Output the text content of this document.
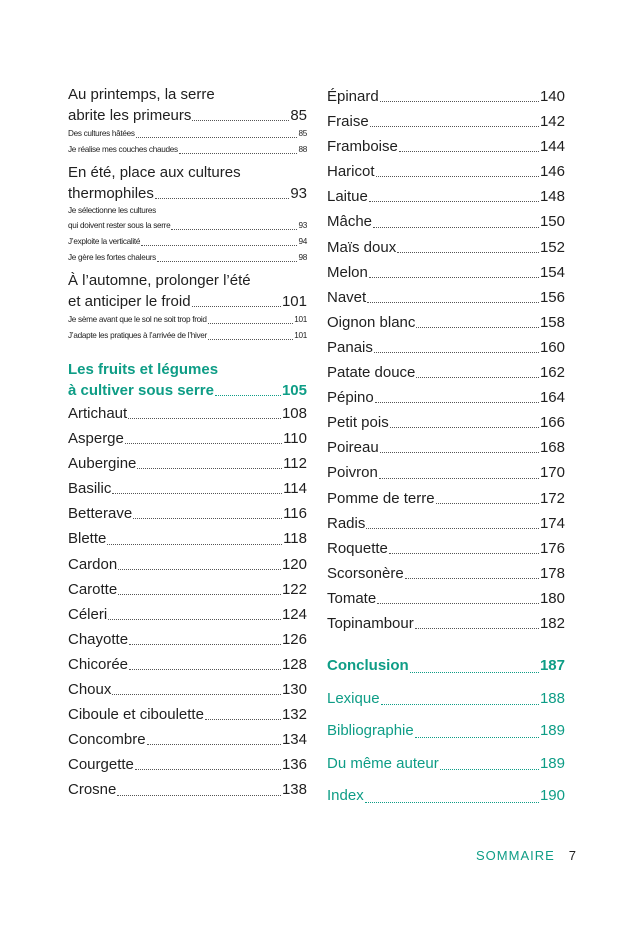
Au printemps, la serre
abrite les primeurs	85
Des cultures hâtées	85
Je réalise mes couches chaudes	88
En été, place aux cultures
thermophiles	93
Je sélectionne les cultures
qui doivent rester sous la serre	93
J’exploite la verticalité	94
Je gère les fortes chaleurs	98
À l’automne, prolonger l’été
et anticiper le froid	101
Je sème avant que le sol ne soit trop froid	101
J’adapte les pratiques à l’arrivée de l’hiver	101
Les fruits et légumes
à cultiver sous serre	105
Artichaut	108
Asperge	110
Aubergine	112
Basilic	114
Betterave	116
Blette	118
Cardon	120
Carotte	122
Céleri	124
Chayotte	126
Chicorée	128
Choux	130
Ciboule et ciboulette	132
Concombre	134
Courgette	136
Crosne	138
Épinard	140
Fraise	142
Framboise	144
Haricot	146
Laitue	148
Mâche	150
Maïs doux	152
Melon	154
Navet	156
Oignon blanc	158
Panais	160
Patate douce	162
Pépino	164
Petit pois	166
Poireau	168
Poivron	170
Pomme de terre	172
Radis	174
Roquette	176
Scorsonère	178
Tomate	180
Topinambour	182
Conclusion	187
Lexique	188
Bibliographie	189
Du même auteur	189
Index	190
SOMMAIRE 7
